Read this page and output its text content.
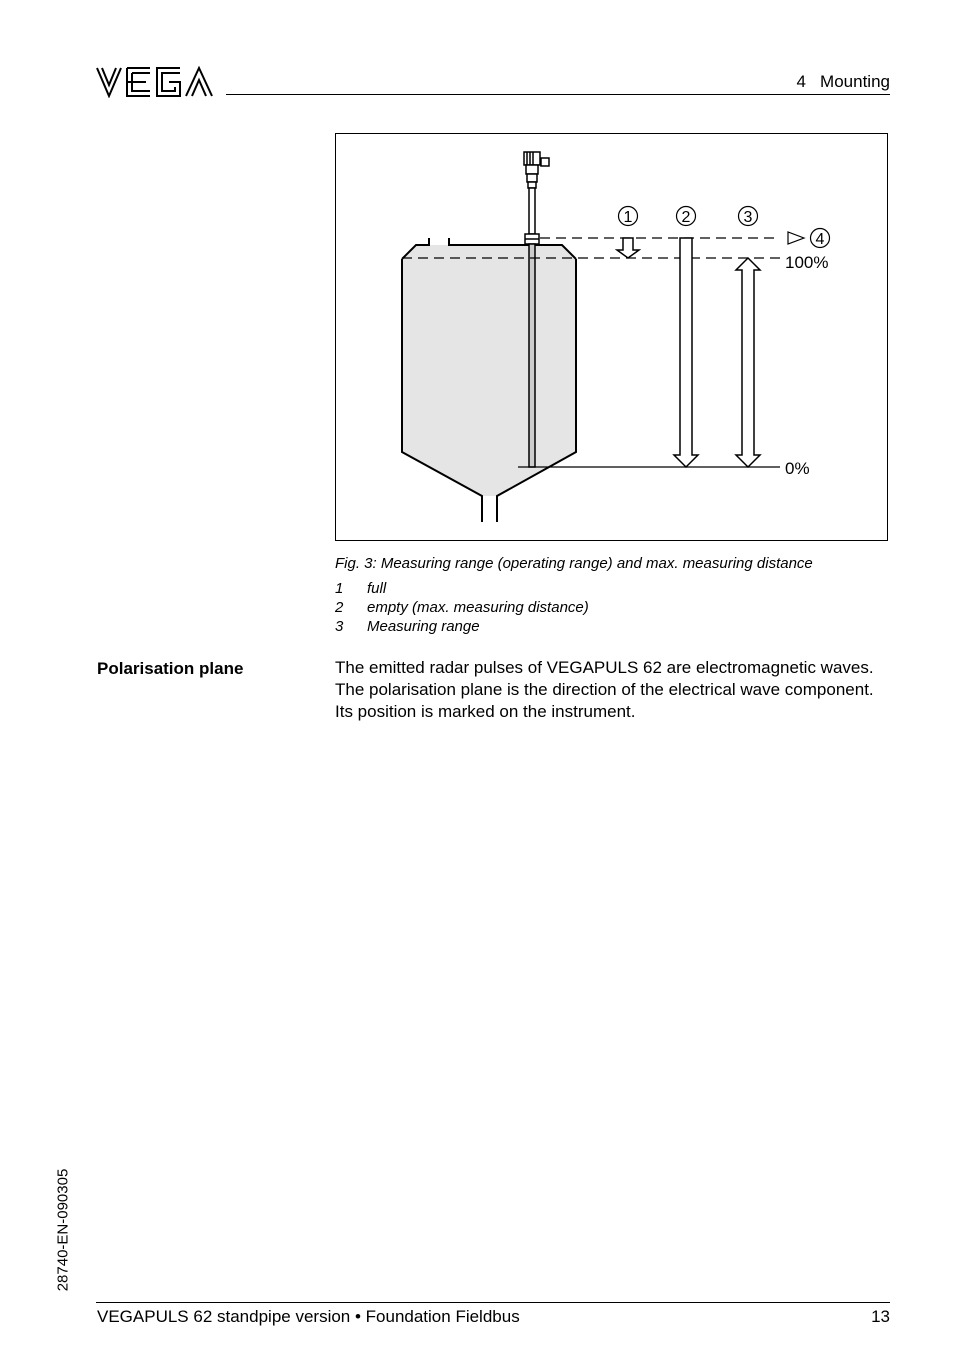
4   Mounting
1	2	3
4
100%
0%
Fig. 3: Measuring range (operating range) and max. measuring distance
1 full
2 empty (max. measuring distance)
3 Measuring range
Polarisation plane	The emitted radar pulses of VEGAPULS 62 are electromagnetic waves. The polarisation plane is the direction of the electrical wave component. Its position is marked on the instrument.

28740-EN-090305
VEGAPULS 62 standpipe version • Foundation Fieldbus	13
